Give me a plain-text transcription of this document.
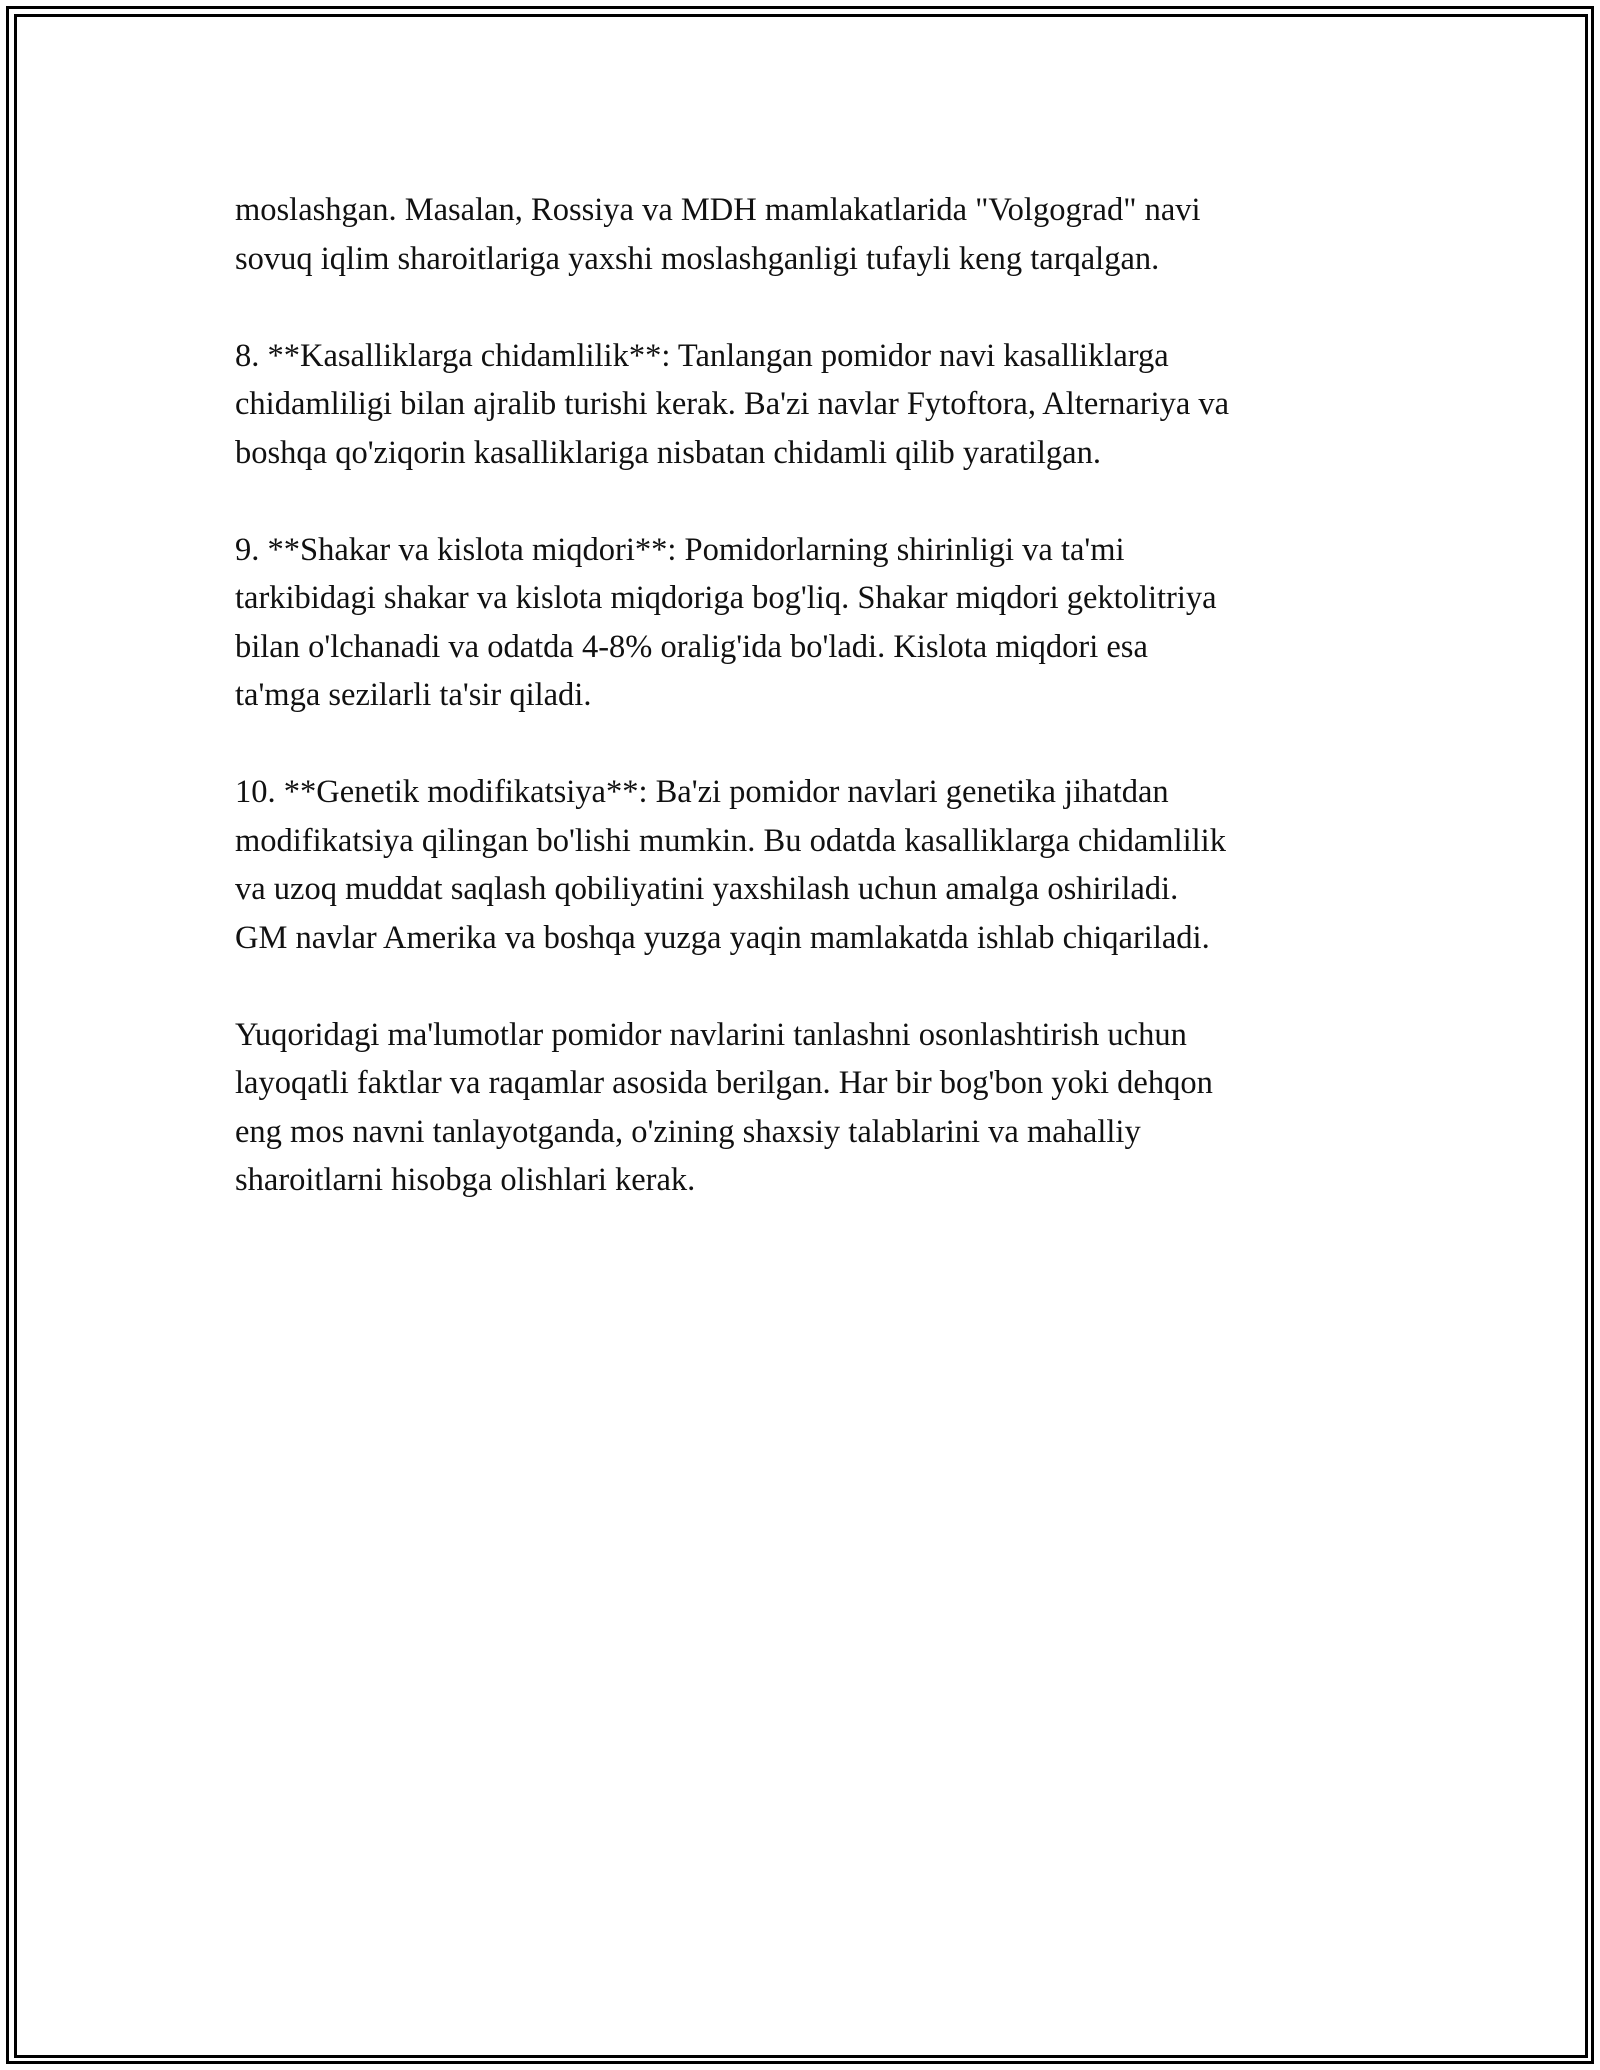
moslashgan. Masalan, Rossiya va MDH mamlakatlarida "Volgograd" navi
sovuq iqlim sharoitlariga yaxshi moslashganligi tufayli keng tarqalgan.

8. **Kasalliklarga chidamlilik**: Tanlangan pomidor navi kasalliklarga
chidamliligi bilan ajralib turishi kerak. Ba'zi navlar Fytoftora, Alternariya va
boshqa qo'ziqorin kasalliklariga nisbatan chidamli qilib yaratilgan.

9. **Shakar va kislota miqdori**: Pomidorlarning shirinligi va ta'mi
tarkibidagi shakar va kislota miqdoriga bog'liq. Shakar miqdori gektolitriya
bilan o'lchanadi va odatda 4-8% oralig'ida bo'ladi. Kislota miqdori esa
ta'mga sezilarli ta'sir qiladi.

10. **Genetik modifikatsiya**: Ba'zi pomidor navlari genetika jihatdan
modifikatsiya qilingan bo'lishi mumkin. Bu odatda kasalliklarga chidamlilik
va uzoq muddat saqlash qobiliyatini yaxshilash uchun amalga oshiriladi.
GM navlar Amerika va boshqa yuzga yaqin mamlakatda ishlab chiqariladi.

Yuqoridagi ma'lumotlar pomidor navlarini tanlashni osonlashtirish uchun
layoqatli faktlar va raqamlar asosida berilgan. Har bir bog'bon yoki dehqon
eng mos navni tanlayotganda, o'zining shaxsiy talablarini va mahalliy
sharoitlarni hisobga olishlari kerak.
